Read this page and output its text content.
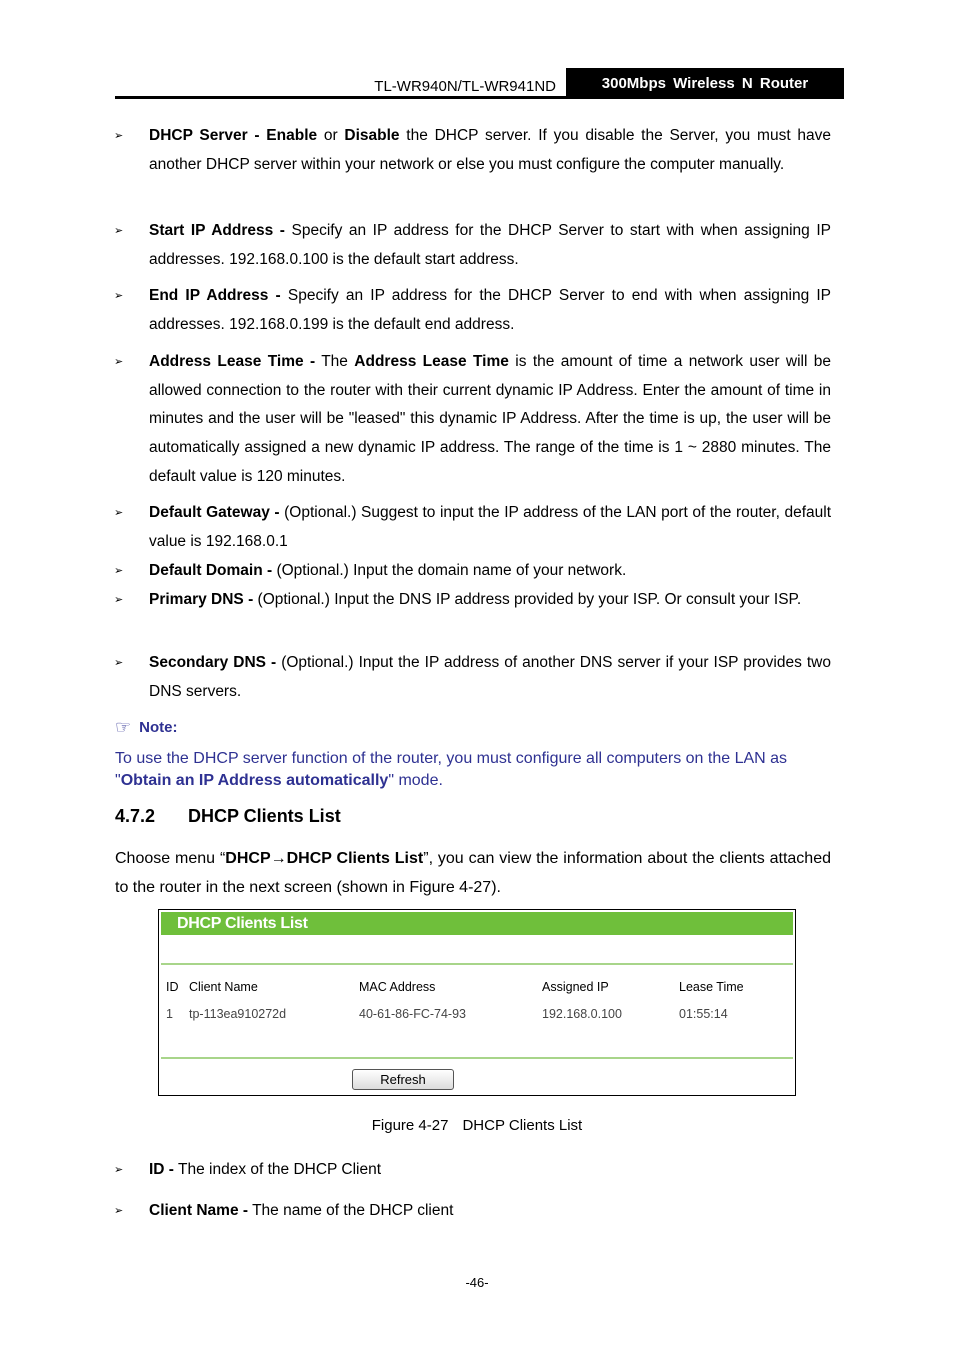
TL-WR940N/TL-WR941ND	300Mbps Wireless N Router
➢ DHCP Server - Enable or Disable the DHCP server. If you disable the Server, you must have another DHCP server within your network or else you must configure the computer manually.
➢ Start IP Address - Specify an IP address for the DHCP Server to start with when assigning IP addresses. 192.168.0.100 is the default start address.
➢ End IP Address - Specify an IP address for the DHCP Server to end with when assigning IP addresses. 192.168.0.199 is the default end address.
➢ Address Lease Time - The Address Lease Time is the amount of time a network user will be allowed connection to the router with their current dynamic IP Address. Enter the amount of time in minutes and the user will be "leased" this dynamic IP Address. After the time is up, the user will be automatically assigned a new dynamic IP address. The range of the time is 1 ~ 2880 minutes. The default value is 120 minutes.
➢ Default Gateway - (Optional.) Suggest to input the IP address of the LAN port of the router, default value is 192.168.0.1
➢ Default Domain - (Optional.) Input the domain name of your network.
➢ Primary DNS - (Optional.) Input the DNS IP address provided by your ISP. Or consult your ISP.
➢ Secondary DNS - (Optional.) Input the IP address of another DNS server if your ISP provides two DNS servers.
☞ Note:
To use the DHCP server function of the router, you must configure all computers on the LAN as "Obtain an IP Address automatically" mode.
4.7.2 DHCP Clients List
Choose menu “DHCP→DHCP Clients List”, you can view the information about the clients attached to the router in the next screen (shown in Figure 4-27).
DHCP Clients List
ID Client Name	MAC Address	Assigned IP	Lease Time
1 tp-113ea910272d	40-61-86-FC-74-93	192.168.0.100	01:55:14
Refresh
Figure 4-27 DHCP Clients List
➢ ID - The index of the DHCP Client
➢ Client Name - The name of the DHCP client
-46-
